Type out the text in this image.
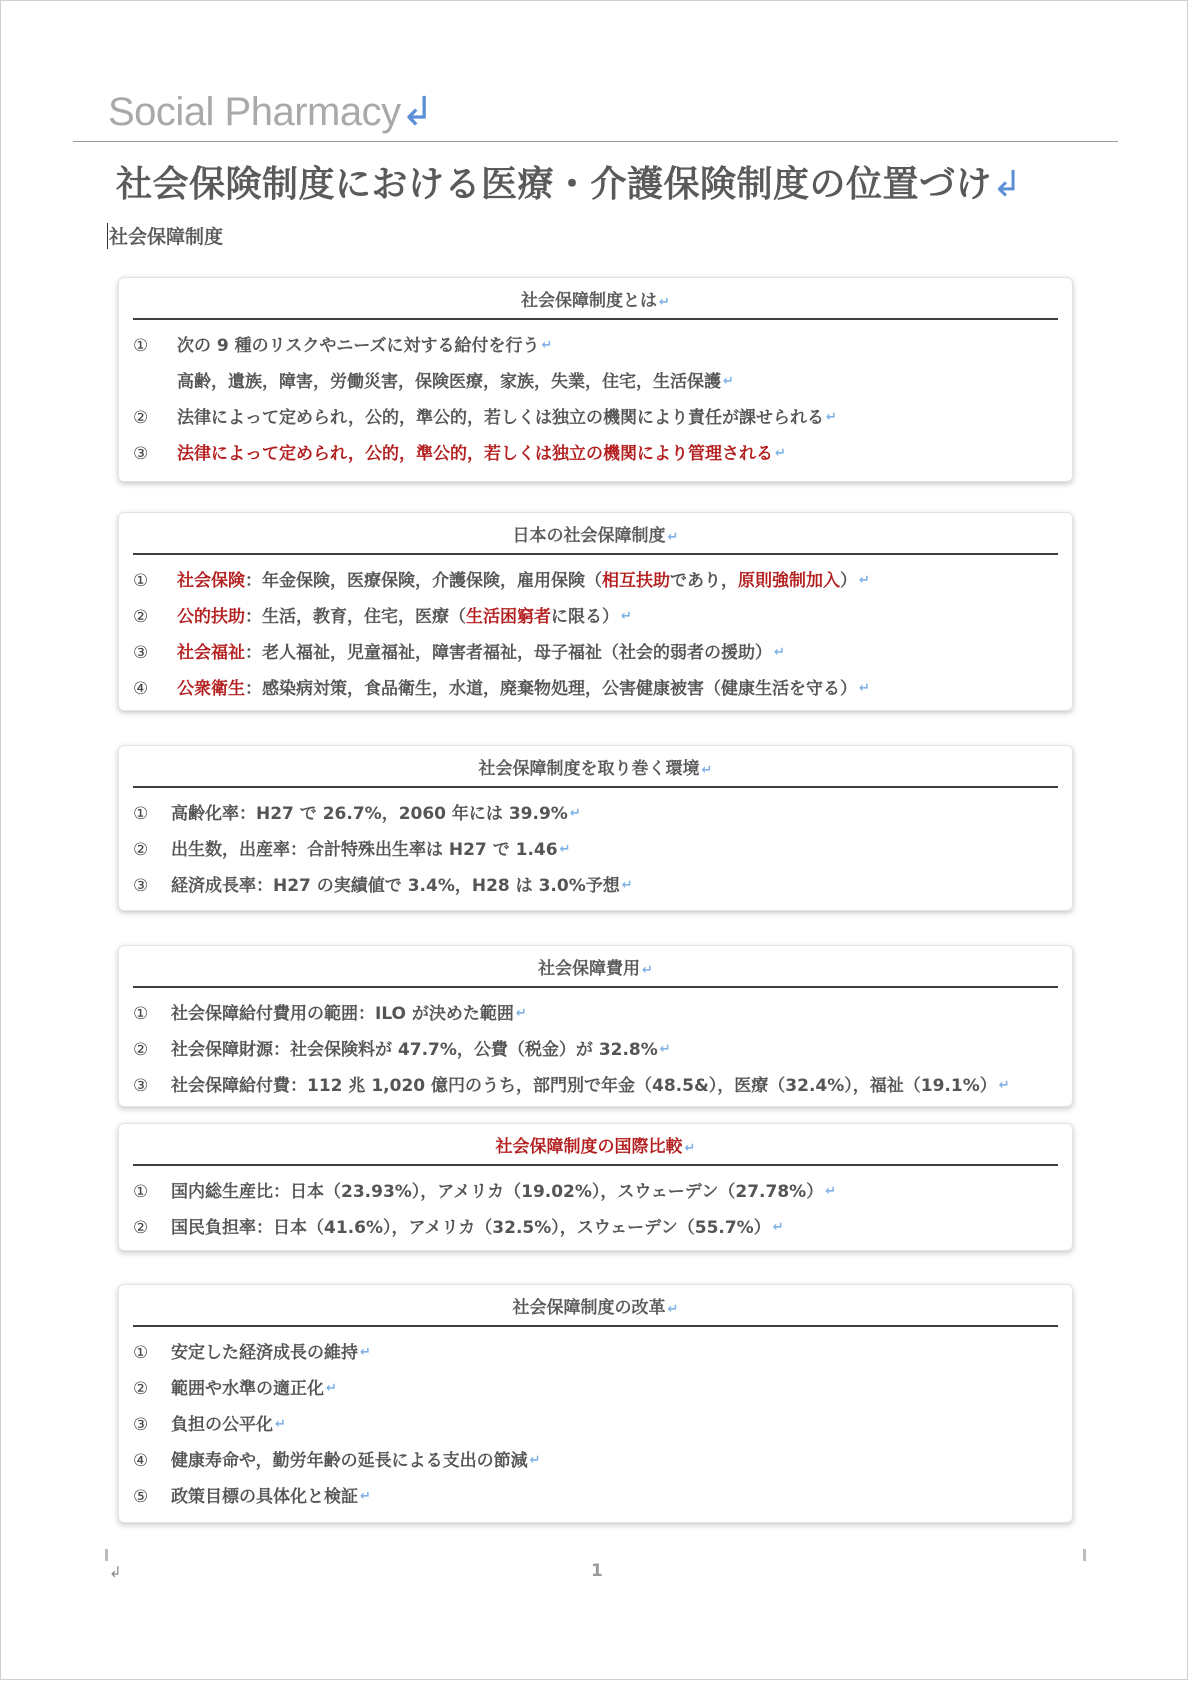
Social Pharmacy↲
社会保険制度における医療・介護保険制度の位置づけ↲
社会保障制度
社会保障制度とは ↵
①	次の 9 種のリスクやニーズに対する給付を行う ↵
高齢，遺族，障害，労働災害，保険医療，家族，失業，住宅，生活保護 ↵
②	法律によって定められ，公的，準公的，若しくは独立の機関により責任が課せられる ↵
③	法律によって定められ，公的，準公的，若しくは独立の機関により管理される ↵
日本の社会保障制度 ↵
①	社会保険 ：年金保険，医療保険，介護保険，雇用保険（ 相互扶助 であり， 原則強制加入 ） ↵
②	公的扶助 ：生活，教育，住宅，医療（ 生活困窮者 に限る） ↵
③	社会福祉 ：老人福祉，児童福祉，障害者福祉，母子福祉（社会的弱者の援助） ↵
④	公衆衛生 ：感染病対策，食品衛生，水道，廃棄物処理，公害健康被害（健康生活を守る） ↵
社会保障制度を取り巻く環境 ↵
①	高齢化率：H27 で 26.7%，2060 年には 39.9% ↵
②	出生数，出産率：合計特殊出生率は H27 で 1.46 ↵
③	経済成長率：H27 の実績値で 3.4%，H28 は 3.0%予想 ↵
社会保障費用 ↵
①	社会保障給付費用の範囲：ILO が決めた範囲 ↵
②	社会保障財源：社会保険料が 47.7%，公費（税金）が 32.8% ↵
③	社会保障給付費：112 兆 1,020 億円のうち，部門別で年金（48.5&），医療（32.4%），福祉（19.1%） ↵
社会保障制度の国際比較 ↵
①	国内総生産比：日本（23.93%），アメリカ（19.02%），スウェーデン（27.78%） ↵
②	国民負担率：日本（41.6%），アメリカ（32.5%），スウェーデン（55.7%） ↵
社会保障制度の改革 ↵
①	安定した経済成長の維持 ↵
②	範囲や水準の適正化 ↵
③	負担の公平化 ↵
④	健康寿命や，勤労年齢の延長による支出の節減 ↵
⑤	政策目標の具体化と検証 ↵
↲	1
